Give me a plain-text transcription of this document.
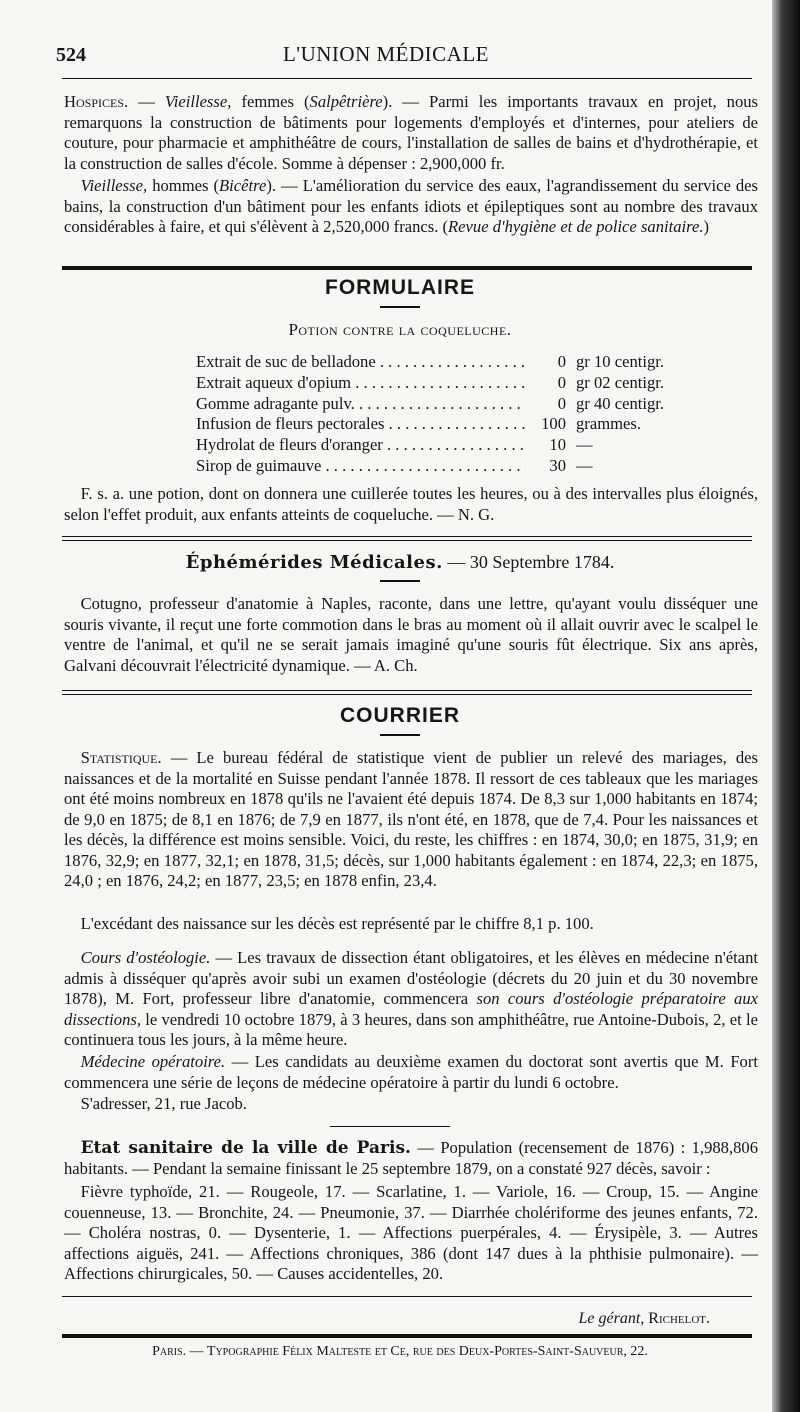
524	L'UNION MÉDICALE

Hospices. — Vieillesse, femmes (Salpêtrière). — Parmi les importants travaux en projet, nous remarquons la construction de bâtiments pour logements d'employés et d'internes, pour ateliers de couture, pour pharmacie et amphithéâtre de cours, l'installation de salles de bains et d'hydrothérapie, et la construction de salles d'école. Somme à dépenser : 2,900,000 fr.

 Vieillesse, hommes (Bicêtre). — L'amélioration du service des eaux, l'agrandissement du service des bains, la construction d'un bâtiment pour les enfants idiots et épileptiques sont au nombre des travaux considérables à faire, et qui s'élèvent à 2,520,000 francs. (Revue d'hygiène et de police sanitaire.)

FORMULAIRE
Potion contre la coqueluche.
Extrait de suc de belladone . . .	0 gr 10 centigr.
Extrait aqueux d'opium . . .	0 gr 02 centigr.
Gomme adragante pulv. . . .	0 gr 40 centigr.
Infusion de fleurs pectorales . . .	100 grammes.
Hydrolat de fleurs d'oranger . . .	10 —
Sirop de guimauve . . .	30 —

 F. s. a. une potion, dont on donnera une cuillerée toutes les heures, ou à des intervalles plus éloignés, selon l'effet produit, aux enfants atteints de coqueluche. — N. G.

Éphémérides Médicales. — 30 Septembre 1784.

 Cotugno, professeur d'anatomie à Naples, raconte, dans une lettre, qu'ayant voulu disséquer une souris vivante, il reçut une forte commotion dans le bras au moment où il allait ouvrir avec le scalpel le ventre de l'animal, et qu'il ne se serait jamais imaginé qu'une souris fût électrique. Six ans après, Galvani découvrait l'électricité dynamique. — A. Ch.

COURRIER

 Statistique. — Le bureau fédéral de statistique vient de publier un relevé des mariages, des naissances et de la mortalité en Suisse pendant l'année 1878. Il ressort de ces tableaux que les mariages ont été moins nombreux en 1878 qu'ils ne l'avaient été depuis 1874. De 8,3 sur 1,000 habitants en 1874; de 9,0 en 1875; de 8,1 en 1876; de 7,9 en 1877, ils n'ont été, en 1878, que de 7,4. Pour les naissances et les décès, la différence est moins sensible. Voici, du reste, les chiffres : en 1874, 30,0; en 1875, 31,9; en 1876, 32,9; en 1877, 32,1; en 1878, 31,5; décès, sur 1,000 habitants également : en 1874, 22,3; en 1875, 24,0 ; en 1876, 24,2; en 1877, 23,5; en 1878 enfin, 23,4.

 L'excédant des naissance sur les décès est représenté par le chiffre 8,1 p. 100.

 Cours d'ostéologie. — Les travaux de dissection étant obligatoires, et les élèves en médecine n'étant admis à disséquer qu'après avoir subi un examen d'ostéologie (décrets du 20 juin et du 30 novembre 1878), M. Fort, professeur libre d'anatomie, commencera son cours d'ostéologie préparatoire aux dissections, le vendredi 10 octobre 1879, à 3 heures, dans son amphithéâtre, rue Antoine-Dubois, 2, et le continuera tous les jours, à la même heure.

 Médecine opératoire. — Les candidats au deuxième examen du doctorat sont avertis que M. Fort commencera une série de leçons de médecine opératoire à partir du lundi 6 octobre.

 S'adresser, 21, rue Jacob.

 Etat sanitaire de la ville de Paris. — Population (recensement de 1876) : 1,988,806 habitants. — Pendant la semaine finissant le 25 septembre 1879, on a constaté 927 décès, savoir :

 Fièvre typhoïde, 21. — Rougeole, 17. — Scarlatine, 1. — Variole, 16. — Croup, 15. — Angine couenneuse, 13. — Bronchite, 24. — Pneumonie, 37. — Diarrhée cholériforme des jeunes enfants, 72. — Choléra nostras, 0. — Dysenterie, 1. — Affections puerpérales, 4. — Érysipèle, 3. — Autres affections aiguës, 241. — Affections chroniques, 386 (dont 147 dues à la phthisie pulmonaire). — Affections chirurgicales, 50. — Causes accidentelles, 20.

Le gérant, Richelot.
Paris. — Typographie Félix Malteste et Ce, rue des Deux-Portes-Saint-Sauveur, 22.
